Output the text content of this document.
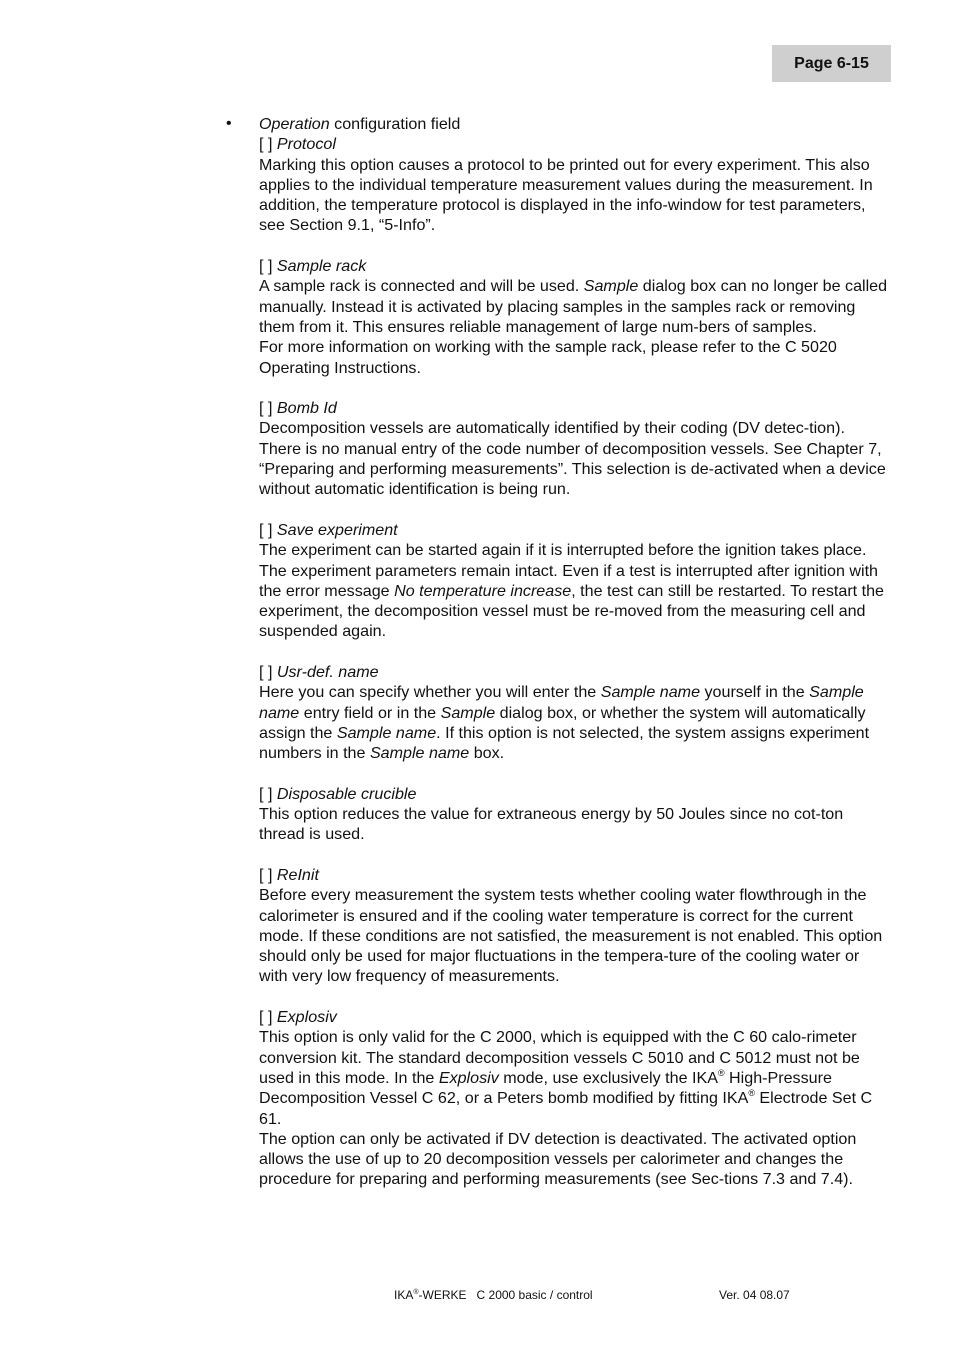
Page 6-15
• Operation configuration field

[ ] Protocol

Marking this option causes a protocol to be printed out for every experiment. This also applies to the individual temperature measurement values during the measurement. In addition, the temperature protocol is displayed in the info-window for test parameters, see Section 9.1, “5-Info”.

[ ] Sample rack

A sample rack is connected and will be used. Sample dialog box can no longer be called manually. Instead it is activated by placing samples in the samples rack or removing them from it. This ensures reliable management of large num-bers of samples.

For more information on working with the sample rack, please refer to the C 5020 Operating Instructions.

[ ] Bomb Id

Decomposition vessels are automatically identified by their coding (DV detec-tion). There is no manual entry of the code number of decomposition vessels. See Chapter 7, “Preparing and performing measurements”. This selection is de-activated when a device without automatic identification is being run.

[ ] Save experiment

The experiment can be started again if it is interrupted before the ignition takes place. The experiment parameters remain intact. Even if a test is interrupted after ignition with the error message No temperature increase, the test can still be restarted. To restart the experiment, the decomposition vessel must be re-moved from the measuring cell and suspended again.

[ ] Usr-def. name

Here you can specify whether you will enter the Sample name yourself in the Sample name entry field or in the Sample dialog box, or whether the system will automatically assign the Sample name. If this option is not selected, the system assigns experiment numbers in the Sample name box.

[ ] Disposable crucible

This option reduces the value for extraneous energy by 50 Joules since no cot-ton thread is used.

[ ] ReInit

Before every measurement the system tests whether cooling water flowthrough in the calorimeter is ensured and if the cooling water temperature is correct for the current mode. If these conditions are not satisfied, the measurement is not enabled. This option should only be used for major fluctuations in the tempera-ture of the cooling water or with very low frequency of measurements.

[ ] Explosiv

This option is only valid for the C 2000, which is equipped with the C 60 calo-rimeter conversion kit. The standard decomposition vessels C 5010 and C 5012 must not be used in this mode. In the Explosiv mode, use exclusively the IKA® High-Pressure Decomposition Vessel C 62, or a Peters bomb modified by fitting IKA® Electrode Set C 61.

The option can only be activated if DV detection is deactivated. The activated option allows the use of up to 20 decomposition vessels per calorimeter and changes the procedure for preparing and performing measurements (see Sec-tions 7.3 and 7.4).

IKA®-WERKE   C 2000 basic / control	Ver. 04 08.07
